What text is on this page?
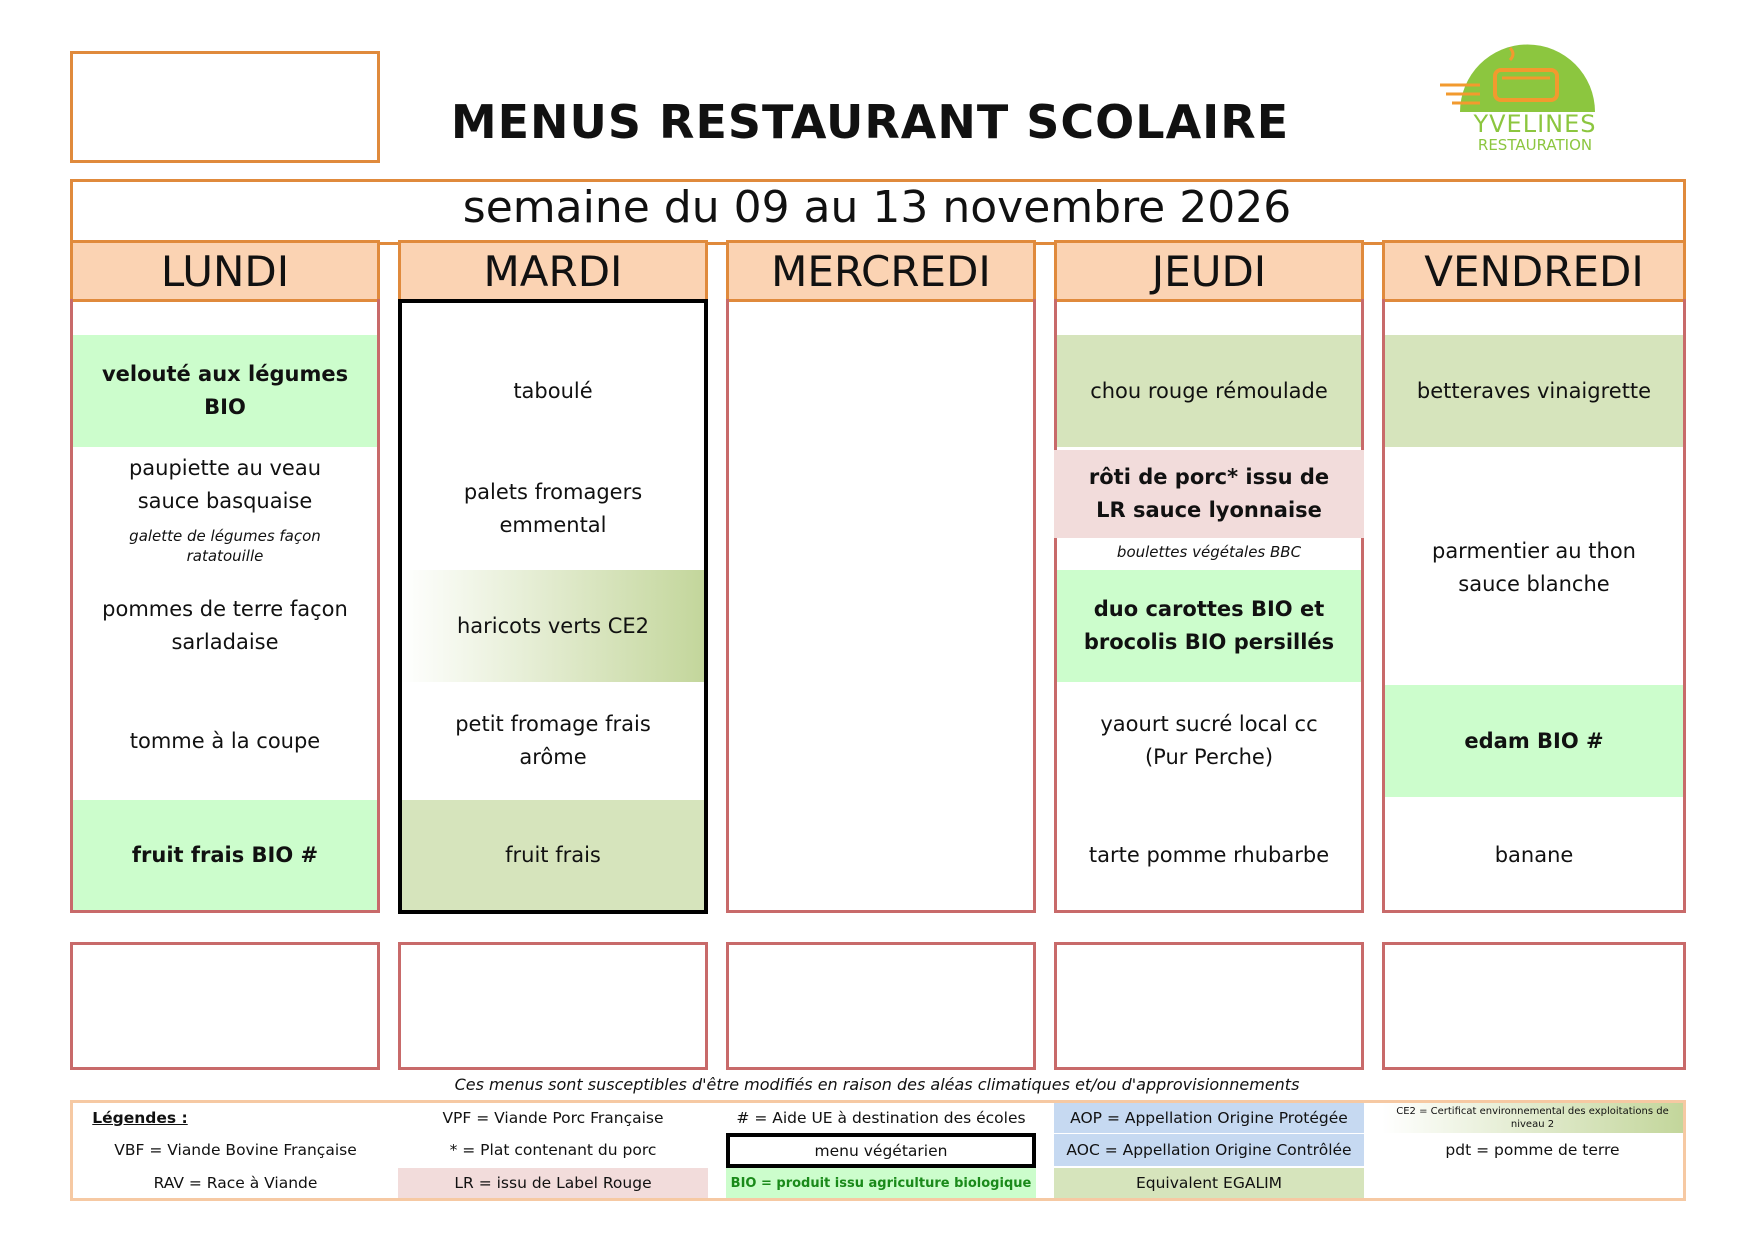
MENUS RESTAURANT SCOLAIRE	YVELINES
RESTAURATION
semaine du 09 au 13 novembre 2026
LUNDI
velouté aux légumes BIO
paupiette au veau sauce basquaise
galette de légumes façon ratatouille
pommes de terre façon sarladaise
tomme à la coupe
fruit frais BIO #
MARDI
taboulé
palets fromagers emmental
haricots verts CE2
petit fromage frais arôme
fruit frais
MERCREDI	JEUDI
chou rouge rémoulade
rôti de porc* issu de LR sauce lyonnaise
boulettes végétales BBC
duo carottes BIO et brocolis BIO persillés
yaourt sucré local cc (Pur Perche)
tarte pomme rhubarbe
VENDREDI
betteraves vinaigrette
parmentier au thon sauce blanche
edam BIO #
banane
Ces menus sont susceptibles d'être modifiés en raison des aléas climatiques et/ou d'approvisionnements
Légendes :
VBF = Viande Bovine Française
RAV = Race à Viande
VPF = Viande Porc Française
* = Plat contenant du porc
LR = issu de Label Rouge
# = Aide UE à destination des écoles
menu végétarien
BIO = produit issu agriculture biologique
AOP = Appellation Origine Protégée
AOC = Appellation Origine Contrôlée
Equivalent EGALIM
CE2 = Certificat environnemental des exploitations de niveau 2
pdt = pomme de terre
